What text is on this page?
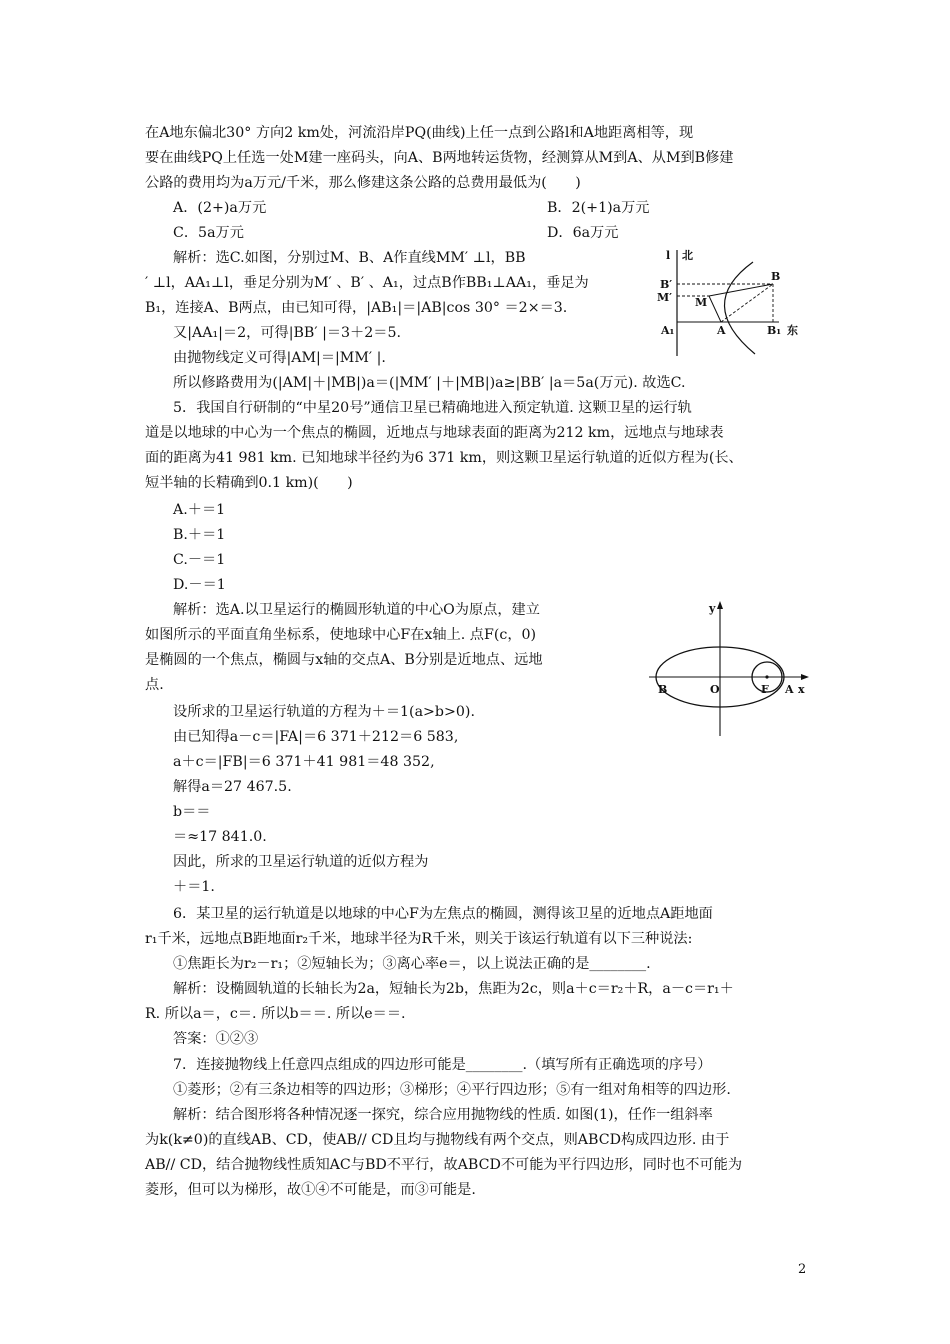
在A地东偏北30° 方向2 km处，河流沿岸PQ(曲线)上任一点到公路l和A地距离相等，现
要在曲线PQ上任选一处M建一座码头，向A、B两地转运货物，经测算从M到A、从M到B修建
公路的费用均为a万元/千米，那么修建这条公路的总费用最低为(　　)
A．(2+)a万元	B．2(+1)a万元
C．5a万元	D．6a万元
解析：选C.如图，分别过M、B、A作直线MM′ ⊥l，BB
′ ⊥l，AA₁⊥l，垂足分别为M′ 、B′ 、A₁，过点B作BB₁⊥AA₁，垂足为
B₁，连接A、B两点，由已知可得，|AB₁|＝|AB|cos 30° ＝2×＝3.
又|AA₁|＝2，可得|BB′ |＝3＋2＝5.
由抛物线定义可得|AM|＝|MM′ |.
所以修路费用为(|AM|＋|MB|)a＝(|MM′ |＋|MB|)a≥|BB′ |a＝5a(万元). 故选C.
l 北
B
B′
M′ M
A₁	A	B₁ 东
5．我国自行研制的“中星20号”通信卫星已精确地进入预定轨道. 这颗卫星的运行轨
道是以地球的中心为一个焦点的椭圆，近地点与地球表面的距离为212 km，远地点与地球表
面的距离为41 981 km. 已知地球半径约为6 371 km，则这颗卫星运行轨道的近似方程为(长、
短半轴的长精确到0.1 km)(　　)
A.＋＝1
B.＋＝1
C.－＝1
D.－＝1
解析：选A.以卫星运行的椭圆形轨道的中心O为原点，建立
如图所示的平面直角坐标系，使地球中心F在x轴上. 点F(c，0)
是椭圆的一个焦点，椭圆与x轴的交点A、B分别是近地点、远地
点.
设所求的卫星运行轨道的方程为＋＝1(a>b>0).
由已知得a－c＝|FA|＝6 371＋212＝6 583,
a＋c＝|FB|＝6 371＋41 981＝48 352,
解得a＝27 467.5.
b＝＝
＝≈17 841.0.
因此，所求的卫星运行轨道的近似方程为
＋＝1.
y
B	O	F A x
6．某卫星的运行轨道是以地球的中心F为左焦点的椭圆，测得该卫星的近地点A距地面
r₁千米，远地点B距地面r₂千米，地球半径为R千米，则关于该运行轨道有以下三种说法:
①焦距长为r₂－r₁；②短轴长为；③离心率e＝，以上说法正确的是________.
解析：设椭圆轨道的长轴长为2a，短轴长为2b，焦距为2c，则a＋c＝r₂＋R，a－c＝r₁＋
R. 所以a＝，c＝. 所以b＝＝. 所以e＝＝.
答案：①②③
7．连接抛物线上任意四点组成的四边形可能是________.（填写所有正确选项的序号）
①菱形；②有三条边相等的四边形；③梯形；④平行四边形；⑤有一组对角相等的四边形.
解析：结合图形将各种情况逐一探究，综合应用抛物线的性质. 如图(1)，任作一组斜率
为k(k≠0)的直线AB、CD，使AB// CD且均与抛物线有两个交点，则ABCD构成四边形. 由于
AB// CD，结合抛物线性质知AC与BD不平行，故ABCD不可能为平行四边形，同时也不可能为
菱形，但可以为梯形，故①④不可能是，而③可能是.
2
